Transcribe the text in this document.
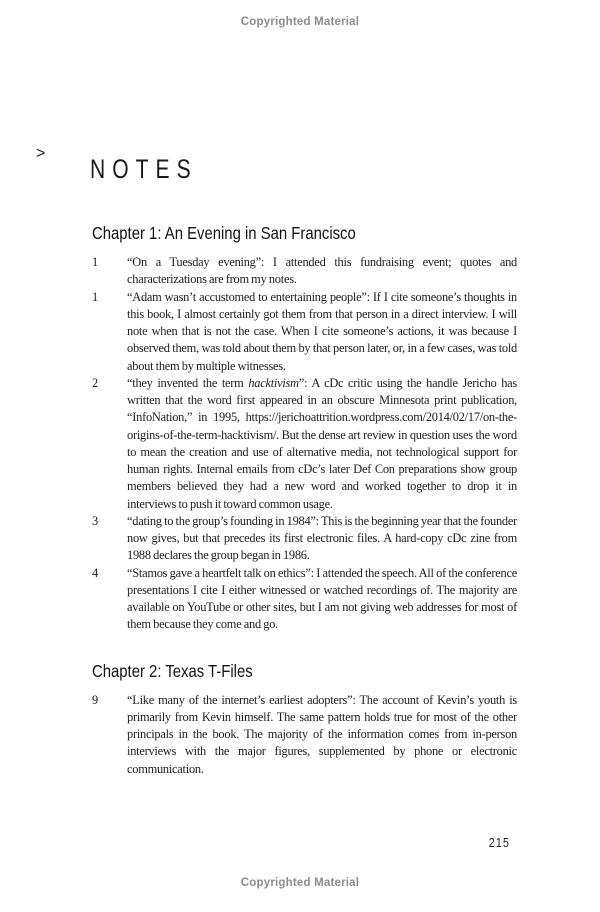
Copyrighted Material
>
NOTES
Chapter 1: An Evening in San Francisco
1	“On a Tuesday evening”: I attended this fundraising event; quotes and characterizations are from my notes.
1	“Adam wasn’t accustomed to entertaining people”: If I cite someone’s thoughts in this book, I almost certainly got them from that person in a direct interview. I will note when that is not the case. When I cite someone’s actions, it was because I observed them, was told about them by that person later, or, in a few cases, was told about them by multiple witnesses.
2	“they invented the term hacktivism”: A cDc critic using the handle Jericho has written that the word first appeared in an obscure Minnesota print publication, “InfoNation,” in 1995, https://jerichoattrition.wordpress.com/2014/02/17/on-the-origins-of-the-term-hacktivism/. But the dense art review in question uses the word to mean the creation and use of alternative media, not technological support for human rights. Internal emails from cDc’s later Def Con preparations show group members believed they had a new word and worked together to drop it in interviews to push it toward common usage.
3	“dating to the group’s founding in 1984”: This is the beginning year that the founder now gives, but that precedes its first electronic files. A hard-copy cDc zine from 1988 declares the group began in 1986.
4	“Stamos gave a heartfelt talk on ethics”: I attended the speech. All of the conference presentations I cite I either witnessed or watched recordings of. The majority are available on YouTube or other sites, but I am not giving web addresses for most of them because they come and go.
Chapter 2: Texas T-Files
9	“Like many of the internet’s earliest adopters”: The account of Kevin’s youth is primarily from Kevin himself. The same pattern holds true for most of the other principals in the book. The majority of the information comes from in-person interviews with the major figures, supplemented by phone or electronic communication.
215
Copyrighted Material
